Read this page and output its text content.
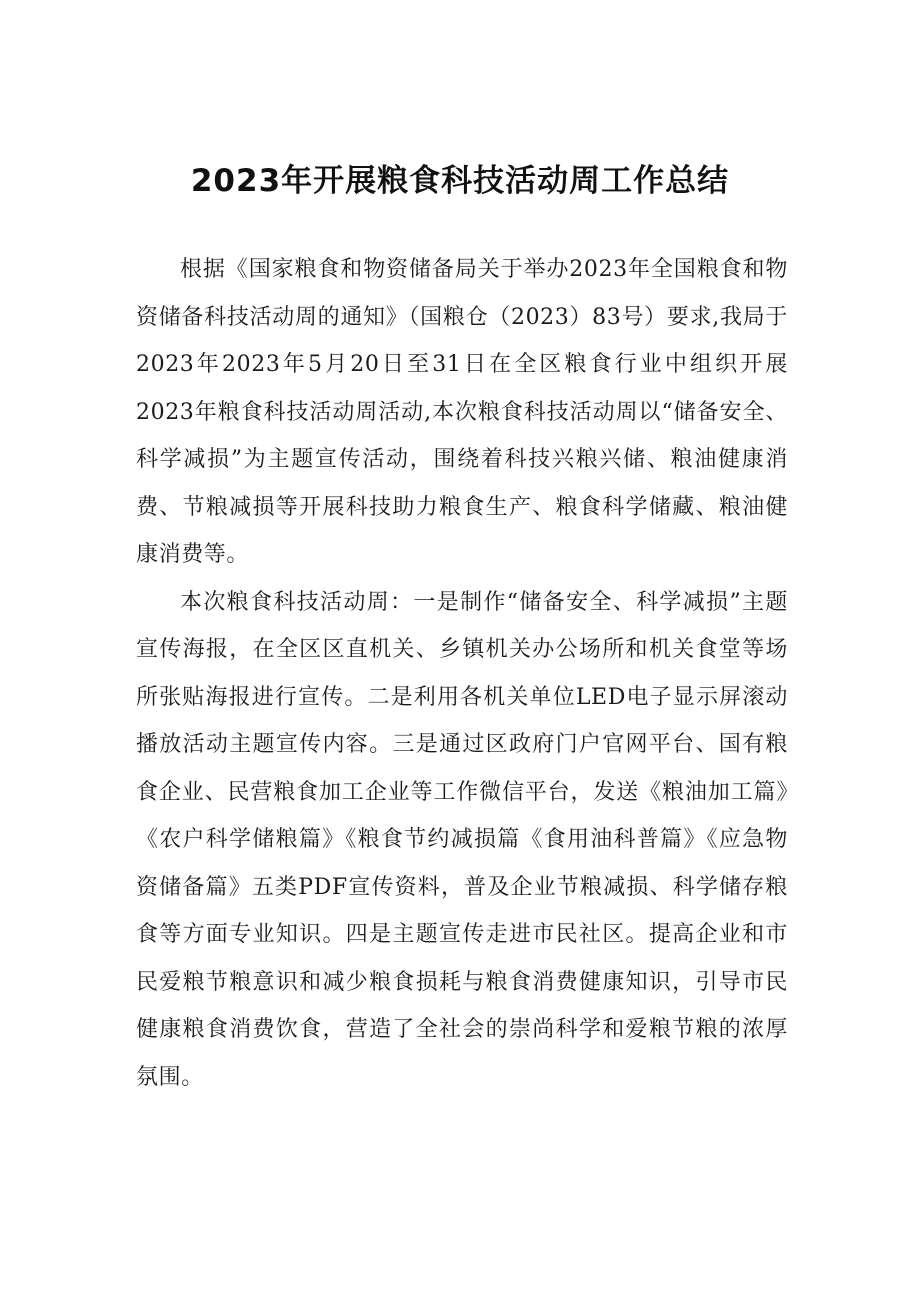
2023年开展粮食科技活动周工作总结

根据《国家粮食和物资储备局关于举办2023年全国粮食和物资储备科技活动周的通知》（国粮仓（2023）83号）要求,我局于2023年2023年5月20日至31日在全区粮食行业中组织开展2023年粮食科技活动周活动,本次粮食科技活动周以“储备安全、科学减损”为主题宣传活动，围绕着科技兴粮兴储、粮油健康消费、节粮减损等开展科技助力粮食生产、粮食科学储藏、粮油健康消费等。

本次粮食科技活动周：一是制作“储备安全、科学减损”主题宣传海报，在全区区直机关、乡镇机关办公场所和机关食堂等场所张贴海报进行宣传。二是利用各机关单位LED电子显示屏滚动播放活动主题宣传内容。三是通过区政府门户官网平台、国有粮食企业、民营粮食加工企业等工作微信平台，发送《粮油加工篇》《农户科学储粮篇》《粮食节约减损篇《食用油科普篇》《应急物资储备篇》五类PDF宣传资料，普及企业节粮减损、科学储存粮食等方面专业知识。四是主题宣传走进市民社区。提高企业和市民爱粮节粮意识和减少粮食损耗与粮食消费健康知识，引导市民健康粮食消费饮食，营造了全社会的崇尚科学和爱粮节粮的浓厚氛围。
